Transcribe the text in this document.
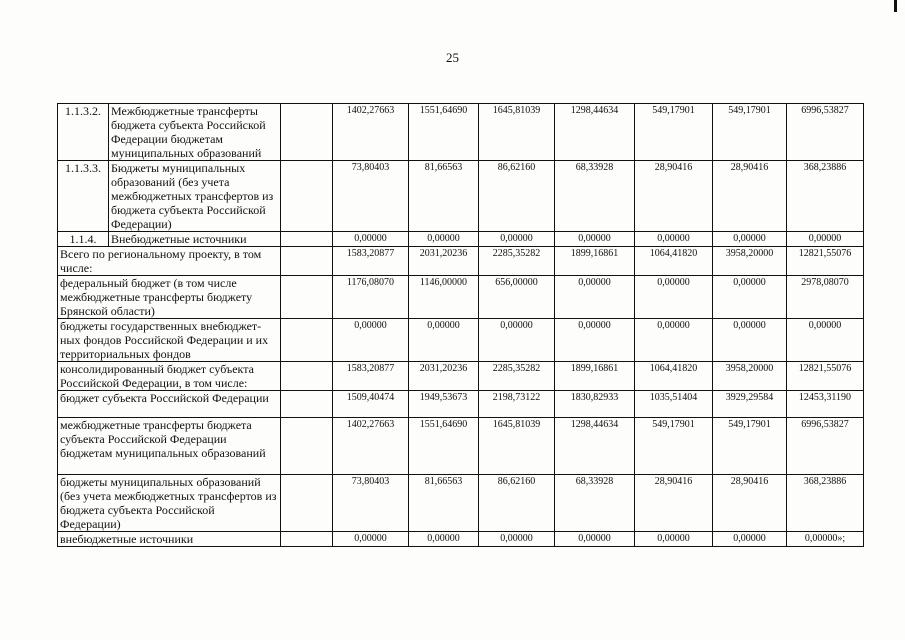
25
1.1.3.2.	Межбюджетные трансферты бюджета субъекта Российской Федерации бюджетам муниципальных образований		1402,27663	1551,64690	1645,81039	1298,44634	549,17901	549,17901	6996,53827
1.1.3.3.	Бюджеты муниципальных образований (без учета межбюджетных трансфертов из бюджета субъекта Российской Федерации)		73,80403	81,66563	86,62160	68,33928	28,90416	28,90416	368,23886
1.1.4.	Внебюджетные источники		0,00000	0,00000	0,00000	0,00000	0,00000	0,00000	0,00000
Всего по региональному проекту, в том числе:			1583,20877	2031,20236	2285,35282	1899,16861	1064,41820	3958,20000	12821,55076
федеральный бюджет (в том числе межбюджетные трансферты бюджету Брянской области)			1176,08070	1146,00000	656,00000	0,00000	0,00000	0,00000	2978,08070
бюджеты государственных внебюджет-ных фондов Российской Федерации и их территориальных фондов			0,00000	0,00000	0,00000	0,00000	0,00000	0,00000	0,00000
консолидированный бюджет субъекта Российской Федерации, в том числе:			1583,20877	2031,20236	2285,35282	1899,16861	1064,41820	3958,20000	12821,55076
бюджет субъекта Российской Федерации			1509,40474	1949,53673	2198,73122	1830,82933	1035,51404	3929,29584	12453,31190
межбюджетные трансферты бюджета субъекта Российской Федерации бюджетам муниципальных образований			1402,27663	1551,64690	1645,81039	1298,44634	549,17901	549,17901	6996,53827
бюджеты муниципальных образований (без учета межбюджетных трансфертов из бюджета субъекта Российской Федерации)			73,80403	81,66563	86,62160	68,33928	28,90416	28,90416	368,23886
внебюджетные источники			0,00000	0,00000	0,00000	0,00000	0,00000	0,00000	0,00000»;
